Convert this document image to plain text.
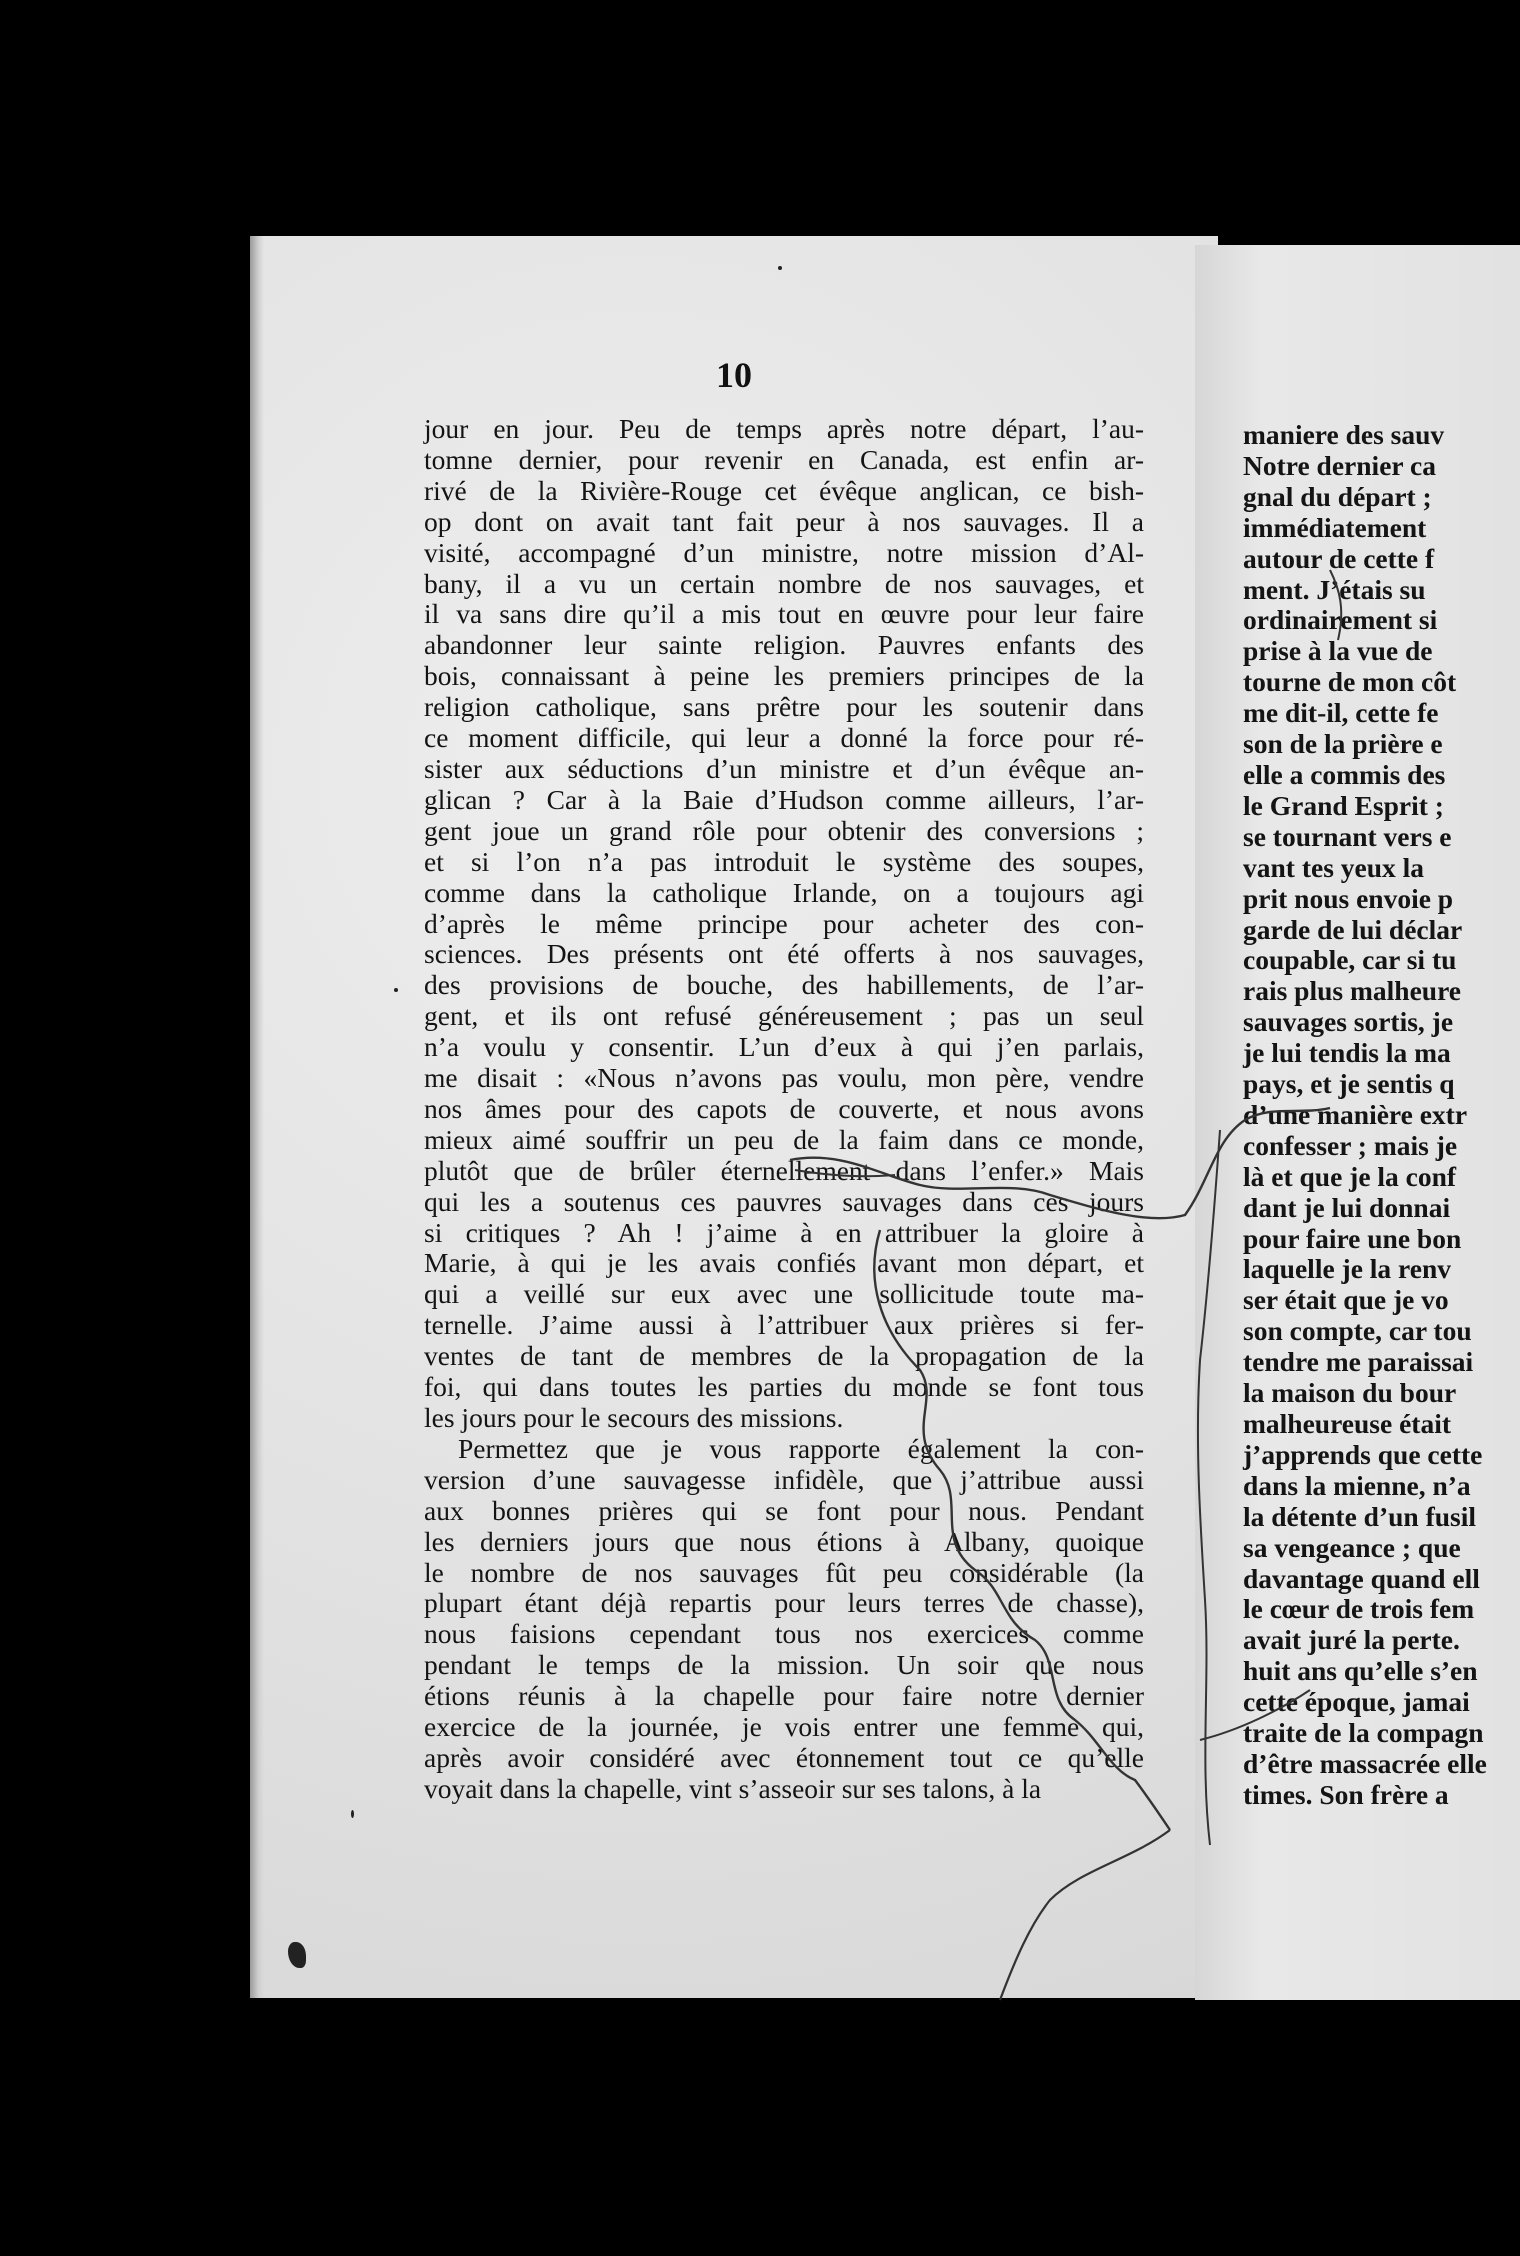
10
jour en jour. Peu de temps après notre départ, l’au-
tomne dernier, pour revenir en Canada, est enfin ar-
rivé de la Rivière-Rouge cet évêque anglican, ce bish-
op dont on avait tant fait peur à nos sauvages. Il a
visité, accompagné d’un ministre, notre mission d’Al-
bany, il a vu un certain nombre de nos sauvages, et
il va sans dire qu’il a mis tout en œuvre pour leur faire
abandonner leur sainte religion. Pauvres enfants des
bois, connaissant à peine les premiers principes de la
religion catholique, sans prêtre pour les soutenir dans
ce moment difficile, qui leur a donné la force pour ré-
sister aux séductions d’un ministre et d’un évêque an-
glican ? Car à la Baie d’Hudson comme ailleurs, l’ar-
gent joue un grand rôle pour obtenir des conversions ;
et si l’on n’a pas introduit le système des soupes,
comme dans la catholique Irlande, on a toujours agi
d’après le même principe pour acheter des con-
sciences. Des présents ont été offerts à nos sauvages,
des provisions de bouche, des habillements, de l’ar-
gent, et ils ont refusé généreusement ; pas un seul
n’a voulu y consentir. L’un d’eux à qui j’en parlais,
me disait : «Nous n’avons pas voulu, mon père, vendre
nos âmes pour des capots de couverte, et nous avons
mieux aimé souffrir un peu de la faim dans ce monde,
plutôt que de brûler éternellement dans l’enfer.» Mais
qui les a soutenus ces pauvres sauvages dans ces jours
si critiques ? Ah ! j’aime à en attribuer la gloire à
Marie, à qui je les avais confiés avant mon départ, et
qui a veillé sur eux avec une sollicitude toute ma-
ternelle. J’aime aussi à l’attribuer aux prières si fer-
ventes de tant de membres de la propagation de la
foi, qui dans toutes les parties du monde se font tous
les jours pour le secours des missions.
Permettez que je vous rapporte également la con-
version d’une sauvagesse infidèle, que j’attribue aussi
aux bonnes prières qui se font pour nous. Pendant
les derniers jours que nous étions à Albany, quoique
le nombre de nos sauvages fût peu considérable (la
plupart étant déjà repartis pour leurs terres de chasse),
nous faisions cependant tous nos exercices comme
pendant le temps de la mission. Un soir que nous
étions réunis à la chapelle pour faire notre dernier
exercice de la journée, je vois entrer une femme qui,
après avoir considéré avec étonnement tout ce qu’elle
voyait dans la chapelle, vint s’asseoir sur ses talons, à la
maniere des sauv
Notre dernier ca
gnal du départ ;
immédiatement
autour de cette f
ment. J’étais su
ordinairement si
prise à la vue de
tourne de mon côt
me dit-il, cette fe
son de la prière e
elle a commis des
le Grand Esprit ;
se tournant vers e
vant tes yeux la
prit nous envoie p
garde de lui déclar
coupable, car si tu
rais plus malheure
sauvages sortis, je
je lui tendis la ma
pays, et je sentis q
d’une manière extr
confesser ; mais je
là et que je la conf
dant je lui donnai
pour faire une bon
laquelle je la renv
ser était que je vo
son compte, car tou
tendre me paraissai
la maison du bour
malheureuse était
j’apprends que cette
dans la mienne, n’a
la détente d’un fusil
sa vengeance ; que
davantage quand ell
le cœur de trois fem
avait juré la perte.
huit ans qu’elle s’en
cette époque, jamai
traite de la compagn
d’être massacrée elle
times. Son frère a
